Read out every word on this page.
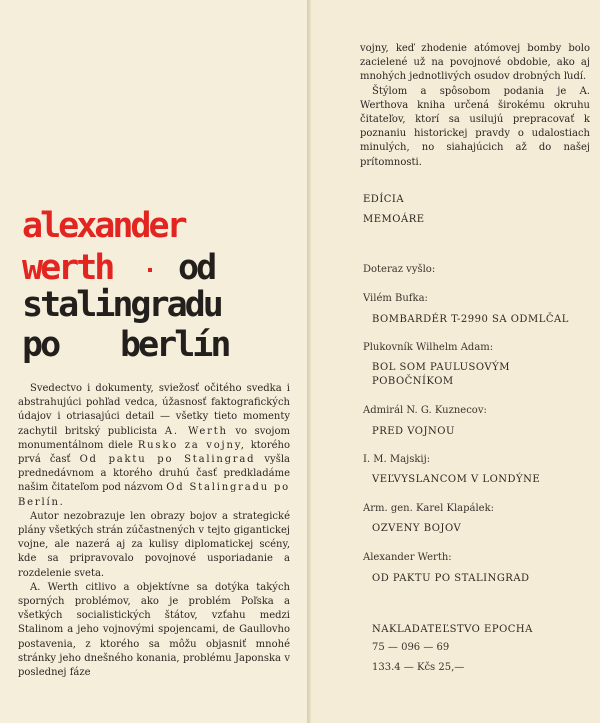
alexander
werth od
stalingradu
po berlín

Svedectvo i dokumenty, sviežosť očitého svedka i abstrahujúci pohľad vedca, úžasnosť faktografických údajov i otriasajúci detail — všetky tieto momenty zachytil britský publicista A. Werth vo svojom monumentálnom diele Rusko za vojny, ktorého prvá časť Od paktu po Stalingrad vyšla prednedávnom a ktorého druhú časť predkladáme našim čitateľom pod názvom Od Stalingradu po Berlín.

Autor nezobrazuje len obrazy bojov a strategické plány všetkých strán zúčastnených v tejto gigantickej vojne, ale nazerá aj za kulisy diplomatickej scény, kde sa pripravovalo povojnové usporiadanie a rozdelenie sveta.

A. Werth citlivo a objektívne sa dotýka takých sporných problémov, ako je problém Poľska a všetkých socialistických štátov, vzťahu medzi Stalinom a jeho vojnovými spojencami, de Gaullovho postavenia, z ktorého sa môžu objasniť mnohé stránky jeho dnešného konania, problému Japonska v poslednej fáze

vojny, keď zhodenie atómovej bomby bolo zacielené už na povojnové obdobie, ako aj mnohých jednotlivých osudov drobných ľudí.

Štýlom a spôsobom podania je A. Werthova kniha určená širokému okruhu čitateľov, ktorí sa usilujú prepracovať k poznaniu historickej pravdy o udalostiach minulých, no siahajúcich až do našej prítomnosti.

EDÍCIA
MEMOÁRE
Doteraz vyšlo:
Vilém Bufka:
BOMBARDÉR T-2990 SA ODMLČAL
Plukovník Wilhelm Adam:
BOL SOM PAULUSOVÝM
POBOČNÍKOM
Admirál N. G. Kuznecov:
PRED VOJNOU
I. M. Majskij:
VEĽVYSLANCOM V LONDÝNE
Arm. gen. Karel Klapálek:
OZVENY BOJOV
Alexander Werth:
OD PAKTU PO STALINGRAD
NAKLADATEĽSTVO EPOCHA
75 — 096 — 69
133.4 — Kčs 25,—
